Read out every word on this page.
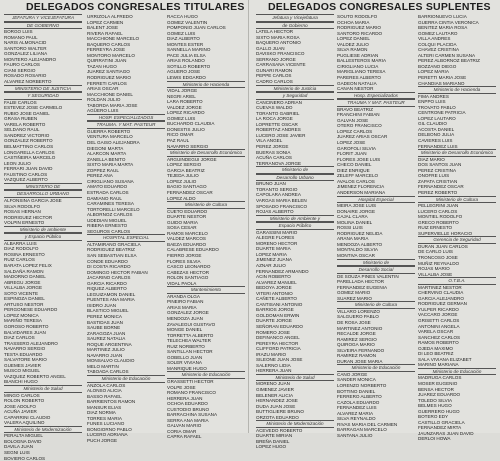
DELEGADOS CONGRESALES TITULARES DELEGADOS CONGRESALES SUPLENTES
JEFATURA Y VICEJEFATURA
DE GOBIERNO
BORGO LUIS
ROMANO PAUL
NARIS ALMONACID
SANTORO WALTER
GONZALEZ LILIANA
MONTERO ALEJANDRO
FAURO CARLOS
CIANI SERGIO
ROSADO ROSARIO
ALVAREZ NORBERTO
MINISTERIO DE JUSTICIA
Y SEGURIDAD
FALBI CARLOS
ESTEVEZ JOSE CARMELO
RUBIO JOSE DANIEL
GRASA RUBEN
VARELA ROBERTO
SELDANO RAUL
SANDREZ VICTORIO
GONZALEZ ROBERTO
BELMATTINO CARLOS
LONGARELLA CARLOS
CASTIÑEIRA MARCELO
LEON JULIO
FERRARI JUAN DAVID
FAUSTINO CARLOS
VAZQUEZ ALBERTO
MINISTERIO DE
DESARROLLO URBANO
ALFONSINA GARCIA JOSE
SILVA RODOLFO
ROSAS HERNAN
RODRIGUEZ HECTOR
VOLPIN ERNESTO
Ministerio de ambiente
y Espacio Público
ALBARRA LUIS
DIAZ RODOLFO
ROSINA ERNESTO
RUIZ CARLOS
BARATA LOPEZ FELIX
SALDAÑA RAMON
MADORNO DANIEL
ABREGU JORGE
VILLALBA JORGE
SOTO VICENTE
ESPINOZA DANIEL
ARTUSO NESTOR
PERGONESE EDUARDO
LOPEZ MONICA
MARIÑO TERESA
GOROSO ROBERTO
BALVIDARES JUAN
DIAZ CARLOS
TRASSERO ALEJANDRO
NAVARRO SERGIO
TESTA EDUARDO
SALVATORE MARIO
GUEMES JAVIER
MUSCO MIGUEL
VAZQUEZ ROBERTO ANGEL
BIANCHI HUGO
Ministerio de Salud
MINGO CARLOS
ROLON ROBERTO
JOSE ADOLFO
ACUÑA JAVIER
CAPARRINI CLAUDIO
VALERA AQUILINO
Ministerio de Modernización
PERALTA MIGUEL
BOLOGNA DAVID
DAVILA JUAN
SEGNI LUIS
BOVIERO CARLOS
URRIZOLA ALFREDO
LOPEZ CARMEN
BALENT JOSE
RIVERA RAFAEL
MACCHIONE MARCELO
BAQUERO CARLOS
FERREYRA JOSE
MONTORO MARCELO
QUIRRATINI JUAN
TAZAN HUGO
JUAREZ SANTIAGO
RODRIGUEZ MARIO
FERRETI CARLOS
ARIAS OSCAR
MACCHIONE DANIEL
ROLDAN JULIO
TABORDA MARIA JOSE
AGÜERO LUIS
HOSP. ESPECIALIZADOS
TRAUMA. Y MAT. PASTEUR
GUERRA ROBERTO
VENTURA MARCELO
DEL GAISO ALEJANDRA
DIEGONI MARTA
ALARCON MARTA
ZANELLA BENITO
SIXTO MARIA MARTA
ZOPPEZ RAUL
PEREZ ANA
CIRIGLIANO SUSANA
AMATO EDUARDO
ESTRADA CARLOS
DAMIANO RAUL
CARAMINES TERESA
TORTORELLI MARCELO
ALBORNOZ CARLOS
UDEDIAN MIGUEL
RIBERA ERNESTO
SEGUROS CARLOS
HOSPITAL ESPECIAL
ALTAMIRANO GRACIELA
RODRIGUEZ BEATRIZ
SAN SEBASTIAN ELSA
CONDE EDUARDO
DI COSTA RICARDO
DOMINGO HECTOR FABIAN
JACARINO CARLOS
GARCIA RICARDO
RIQUEZ ALBERTO
LEGUIZAMON DANIEL
PUENTES ANA MARIA
ISIDRO JUAN
BLASTICO MIGUEL
PEREZ MONICA
BASTIDAS JUAN
SAUBE BORNE
ZARAGOZA JUAN
SAUREZ NATALIA
ROQUE ARGENTINA
MARTINEZ JULIO
NAVARRO JUAN
MONSALVO CLAUDIO
MELO MARTIN
TABOADA CARLOS
Ministerio de Educación
ANZOLA CARLOS
ALONSO ALICIA
BASSO RAFAEL
BARRIENTOS RAMON
MANSUR ELIAS
DIAZ NORMA
TORRES MARIA
FUNES LUCIANO
BONGIORNO PABLO
LUCERO ADRIANA
PUCH JORGE
RACCA HUGO
GOMEZ VALENTIN
POMPONIO JUAN CARLOS
GOMEZ LUIS
DIAZ ALBERTO
MONTES ESTER
SANNELLA MARINO
PACE JULIA ELSA
ARIAS ROLANDO
SOTILLO ROBERTO
AGUERO JOSE
LEWIS EDGARDO
Ministerio de Hacienda
VIDAL JORGE
NEGRI ARIEL
LARA ROBERTO
VALDEZ JORGE
LOPEZ RICARDO
GOMEZ LUIS
BUCHARDO CLAUDIA
DONESTIS JULIO
RICO OMAR
PAZ RAUL
NAVARRO SERGIO
Ministerio de Desarrollo Económico
ARGUINDEGUI JORGE
LOPEZ SERGIO
GARCIA BEATRIZ
TEJEDA JULIO
LOPEZ JULIO
BAGIO SANTIAGO
FERNANDEZ OSCAR
LOPEZ ALDO
Ministerio de Cultura
CUETO EDUARDO
DUARTE NESTOR
GUIDO MARIA
SOSA CESAR
RAMOS MARCELO
VALDEZ MARCOS
BAEZA EDUARDO
CALABRESE EDUARDO
FIERRO JORGE
FLORES SILVIA
CASCO LEONARDO
CABEZAS HECTOR
ROLON SANTIAGO
VIDAL PAOLA
Mantenimiento
ARANDA OLGA
PINEIRO FABIAN
ARIAS MARIA
GONZALEZ JORGE
MENDOZA JUAN
ZAVALEGUI GUSTAVO
MONGE DANIEL
TORRETTA ALBERTO
TELECHEA WALTER
RUIZ NORBERTO
SANTILLAN HECTOR
GOBELLO JUAN
SOLER VIVIANA
MANRIQUE HUGO
Ministerio de Educación
GRASSETTI HECTOR
VOLPE JOSE
ROMANO FRANCISCO
HERRERA JUAN
OCHOA EDUARDO
CUSTODIO BRUNO
BARRACHINA SUSANA
SERRA ANA MARIA
GALVAN MARIO
CORIA OMAR
CAPRA RAFAEL
Jefatura y Vicejefatura
de Gobierno
LATELA HECTOR
SIXTO MARIA ROSA
BAQUERO ANTONIO
GALLO JUAN
DAVISKO FRANCISCO
SERRANO JORGE
CARRASANA VICENTE
GUNARI RAMON
PEPPE CARLOS
CADRO CARLOS
Ministerio de Justicia
y Seguridad
CANCINERO ADRIAN
CUEVAS WALDO
TORANTO GABRIEL
LA ROCA JORGE
LOPRETTE OSCAR
ROBERTAZ ANDRES
LUCERO JOSE JAVIER
VILA ANGEL
PEREZ JORGE
BUERAS SONIA
ACUÑA CARLOS
TERRANOVA JORGE
Ministerio de
Desarrollo Urbano
BRUNO JUAN
TORANTO SERGIO
CAPOLARA ANDREA
VARGAS MARIA BELEN
SPOSADO FRANCISCO
ROJAS ALBERTO
Ministerio de Ambiente y
Espacio Público
GARASSINI MARIO
ALEGRE FLORES
MORENO HECTOR
DUARTE MARIA
LOPEZ MARIA
JIMENEZ JUANA
AZNAR JULIO
FERNANDEZ ARMANDO
ACIN ROBERTO
ALVAREZ MANUEL
BEDOYA JORGE
VITERI ANTONIO
CAÑETE ALBERTO
CANTISANI ANTONIO
BARRIOS JORGE
GOLDOMAN ERWIN
DUARTE JORGE
SEÑORAN EDUARDO
ROMERO JOSE
DEFINANCO ANGEL
PEREYRA HECTOR
CLIFFORD PATRICIA
IRAZU MARIO
SILEONE JUAN JOSE
SALERNO LIDIA
HERRERA JUAN
Ministerio de Salud
MORENO JUAN
GIMENEZ JAVIER
BELENER ALICIA
HERNANDEZ JOSE
DUDA JUAN JOSE
BUTTIGLIERE BRUNO
ORZOTA EDUARDO
Ministerio de Modernización
ACEVEDO ROBERTO
DUARTE MIRIAN
BREÑA DANIEL
LOPEZ HUGO
SOUTO RODOLFO
OCHOA MARIA
RODRIGUEZ MARIO
SANTORO RICARDO
LOPEZ DANIEL
VALDEZ JULIO
SILVA RAMON
PUGLIESE ADRIAN
BALLESTEROS MARIA
CIRIGLIANO LUCIA
MARIGLIANO TERESA
PARERES ALBERTO
GADEON NATALIA
CANAN NESTOR
Hosp. Especializados
TRAUMA Y MAT. PASTEUR
BRAVO BEATRIZ
FRANCHINI FABIAN
GALVAN JOSE
OTERO FRANCISCO
LOPEZ CARLOS
JUAREZ ARIAS OSCAR
LOPEZ JOSE
GAROFOLI SILVIA
FLORIT JUAN
FLORES JOSE LUIS
CHECO DANIEL
DIEZ ENRIQUE
ZELEFF MARCELO
AVALOS CARLOS
JIMENEZ FLORENCIA
ANDERSON MARIANA
Hospital Especial
MEIRA JOSE LUIS
DONAIRE JORGE
CAJAL CLARA
MOLINA DANIEL
ROSSI LUIS
RODRIGUEZ NELIDA
ARANA MARIA
MENDOZA ALBERTO
MONTALDO SILVIA
MONTIVA OSCAR
Ministerio de
Desarrollo Social
DE SOUZA PINES VALENTIN
PARELLADA HECTOR
FERNANDEZ EUGENIA
GOMEZ MARIO
SUAREZ MARIO
Ministerio de Cultura
VILLARO LORENZO
SALGUERO PABLO
DE ROSA JOSE
MARTINEZ ANTONIO
RECALDE JORGE
RAMIREZ SERGIO
QUIROGA MARIO
SILVEIRA FERNANDO
RAMIREZ RAMON
DURAN JOSE MARIA
Ministerio de Educación
CANO JORGE
SANDER MONICA
LORENZO NORBERTO
BOTTINO DANIEL
FERRERO ALBERTO
CAZOLA EDUARDO
FERNANDEZ LUIS
ALVAREZ MARIA
SILVA REYNALDO
RIVAS MARIA DEL CARMEN
BARRAGAN MARCELO
SANTANA JULIO
BARRIONUEVO LUCIA
GUERRA CINTIA VERONICA
BENITEZ MARIA ROSA
GOMEZ LAUTARO
VILLA ANDRES
COLQUI PLACIDA
CHAVEZ CRISTINA
ALTERI CARMEN SUSANA
PEREZ ALBORNOZ BEATRIZ
BOZZANO DIEGO
LOPEZ MARIA
PERETTI MARIA JOSE
CHANDIAS MARIANO
Ministerio de Hacienda
FIMA ANDRES
ENPPO LUIS
TROVATO PABLO
CENTRONE PATRICIA
LOPEZ LAUTARO
GIL CLAUDIO
ACOSTA DANIEL
DELBONO JULIA
CAVIERES LUIS
FERNANDEZ LUIS
Ministerio de Desarrollo Económico
DIAZ MARIO
DOS SANTOS JUAN
PEREZ CRISTINA
ONOFRE LUIS
ZAPATA CRISTIAN
FERNANDEZ OSCAR
PEREZ ROBERTO
Ministerio de Cultura
PELLEGRINI JUAN
LUCERO CARLOS
MONTIEL RODOLFO
GRECO ROBERTO
RUIZ ERNESTO
SUPERVIELLE HORACIO
Gerencia de Seguridad
DURAN JUAN CARLOS
DE CARLO LUIS
TRONCOSO JOSE
MUÑIZ REYNALDO
ROJAS MARIO
VILLALBA JOSE
O.T.B.A.
MARTINEZ NESTOR
CHERVINO CLAUDIA
GARCIA ALEJANDRO
RODRIGUEZ GERMAN
YULPER RICARDO
VACCARO JORGE
GRISETTI CARLOS
ANTONINI ANGELA
VARELA OSCAR
SANCHEZ CARLOS
RAMOS ROBERTO
OJEDA MAXIMO
DI LEO BEATRIZ
SALA VIVIANA ELIZABET
MARINO MARIANA
Ministerio de Educación
MADRUGA CARLOS
MOSER EUGENIO
BENSA HECTOR
JUAREZ EDUARDO
TOLEDO SILVIA
BELMES HUGO
GUERRERO HUGO
BOTERO EDY
CASTILLO GRACIELA
FERNANDEZ MIRTA
JAUNZARAS JUAN DAVID
DERLOI HOWA
